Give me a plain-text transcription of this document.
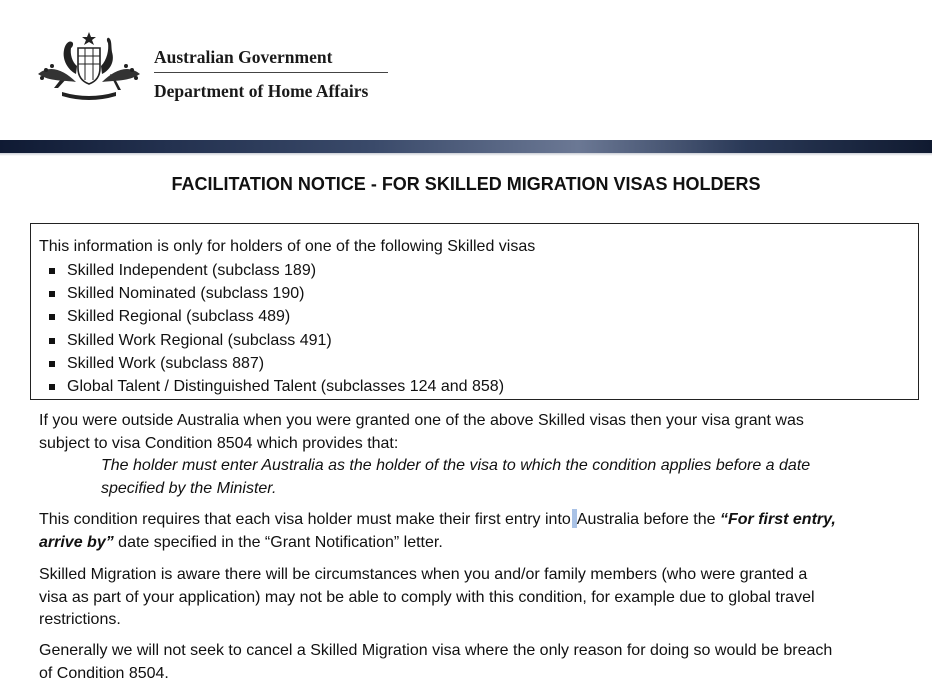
Australian Government
Department of Home Affairs
FACILITATION NOTICE - FOR SKILLED MIGRATION VISAS HOLDERS
This information is only for holders of one of the following Skilled visas
Skilled Independent (subclass 189)
Skilled Nominated (subclass 190)
Skilled Regional (subclass 489)
Skilled Work Regional (subclass 491)
Skilled Work (subclass 887)
Global Talent / Distinguished Talent (subclasses 124 and 858)
If you were outside Australia when you were granted one of the above Skilled visas then your visa grant was
subject to visa Condition 8504 which provides that:
The holder must enter Australia as the holder of the visa to which the condition applies before a date
specified by the Minister.
This condition requires that each visa holder must make their first entry into Australia before the “For first entry,
arrive by” date specified in the “Grant Notification” letter.
Skilled Migration is aware there will be circumstances when you and/or family members (who were granted a
visa as part of your application) may not be able to comply with this condition, for example due to global travel
restrictions.
Generally we will not seek to cancel a Skilled Migration visa where the only reason for doing so would be breach
of Condition 8504.
